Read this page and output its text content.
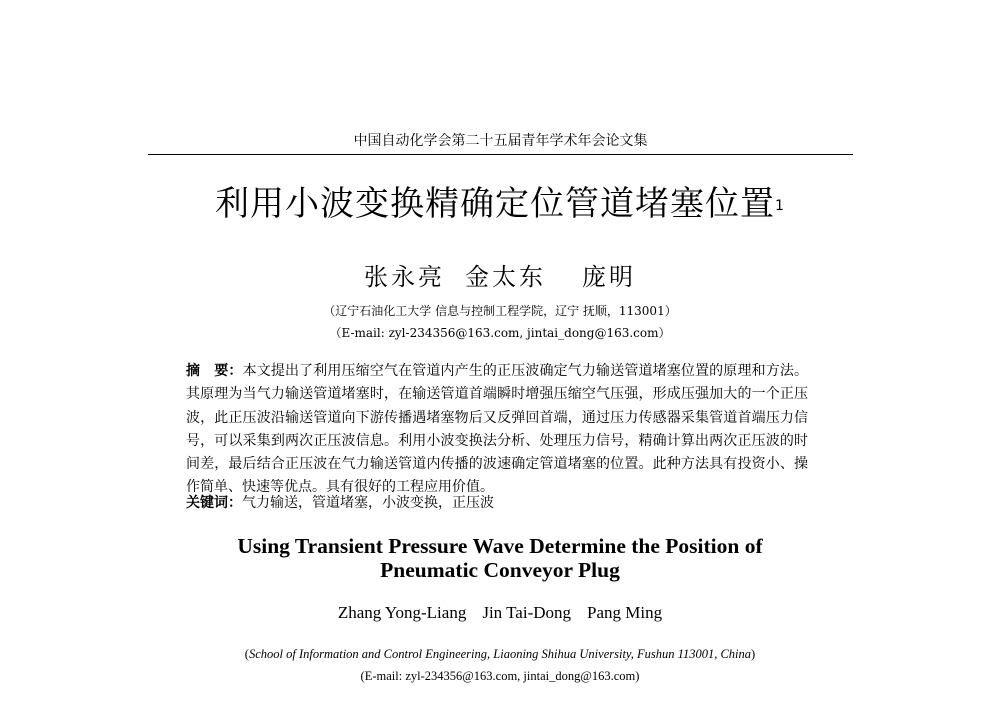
中国自动化学会第二十五届青年学术年会论文集
利用小波变换精确定位管道堵塞位置$^1$
张永亮 金太东 庞明
（辽宁石油化工大学 信息与控制工程学院，辽宁 抚顺，113001）
（E-mail: zyl-234356@163.com, jintai_dong@163.com）
摘　要：本文提出了利用压缩空气在管道内产生的正压波确定气力输送管道堵塞位置的原理和方法。其原理为当气力输送管道堵塞时，在输送管道首端瞬时增强压缩空气压强，形成压强加大的一个正压波，此正压波沿输送管道向下游传播遇堵塞物后又反弹回首端，通过压力传感器采集管道首端压力信号，可以采集到两次正压波信息。利用小波变换法分析、处理压力信号，精确计算出两次正压波的时间差，最后结合正压波在气力输送管道内传播的波速确定管道堵塞的位置。此种方法具有投资小、操作简单、快速等优点。具有很好的工程应用价值。
关键词：气力输送，管道堵塞，小波变换，正压波
Using Transient Pressure Wave Determine the Position of
Pneumatic Conveyor Plug
Zhang Yong-Liang Jin Tai-Dong Pang Ming
(School of Information and Control Engineering, Liaoning Shihua University, Fushun 113001, China)
(E-mail: zyl-234356@163.com, jintai_dong@163.com)
